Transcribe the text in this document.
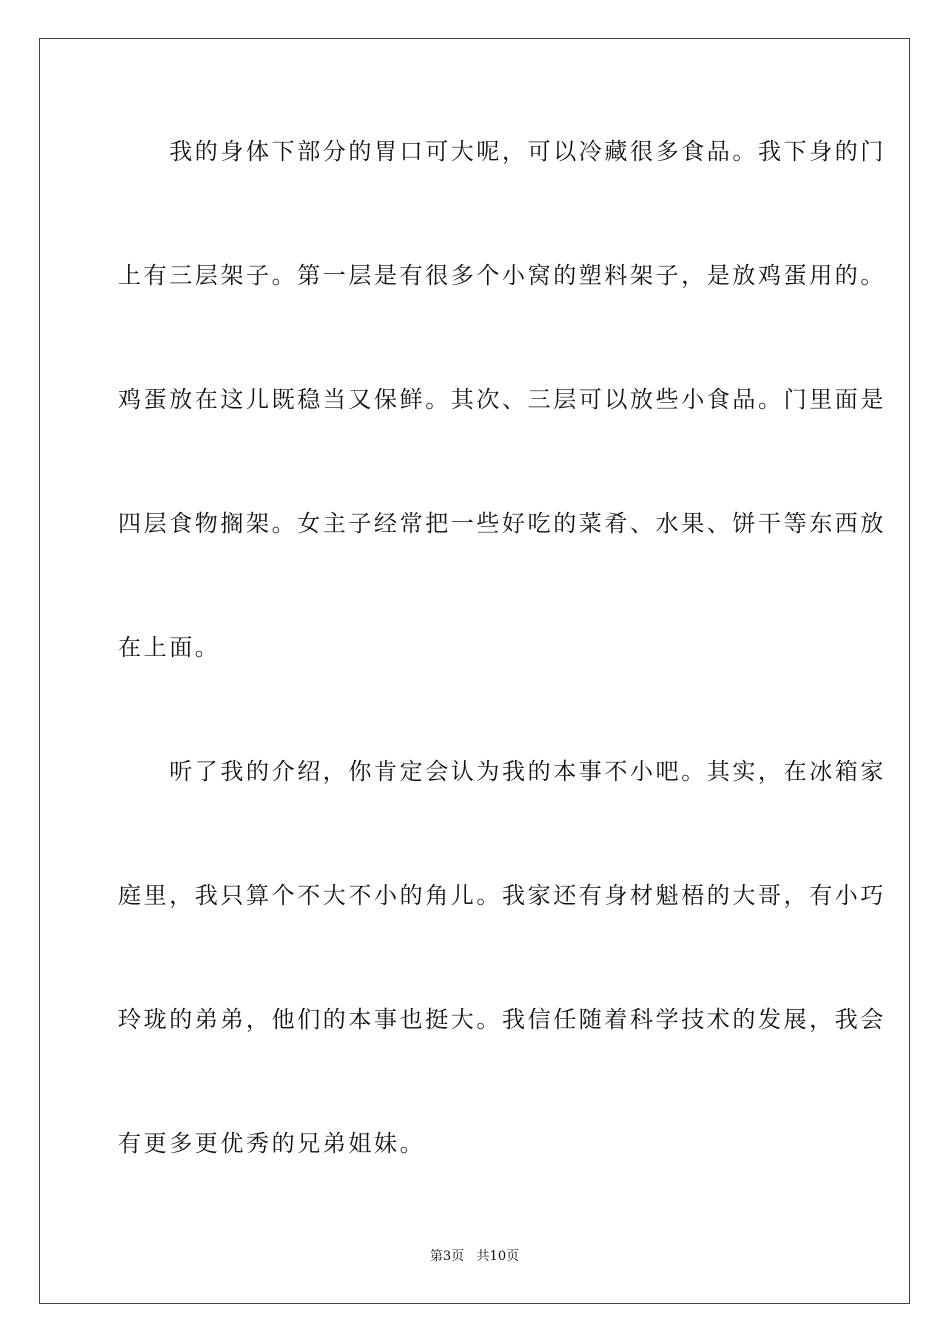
　　我的身体下部分的胃口可大呢，可以冷藏很多食品。我下身的门
上有三层架子。第一层是有很多个小窝的塑料架子，是放鸡蛋用的。
鸡蛋放在这儿既稳当又保鲜。其次、三层可以放些小食品。门里面是
四层食物搁架。女主子经常把一些好吃的菜肴、水果、饼干等东西放
在上面。
　　听了我的介绍，你肯定会认为我的本事不小吧。其实，在冰箱家
庭里，我只算个不大不小的角儿。我家还有身材魁梧的大哥，有小巧
玲珑的弟弟，他们的本事也挺大。我信任随着科学技术的发展，我会
有更多更优秀的兄弟姐妹。
第3页   共10页
